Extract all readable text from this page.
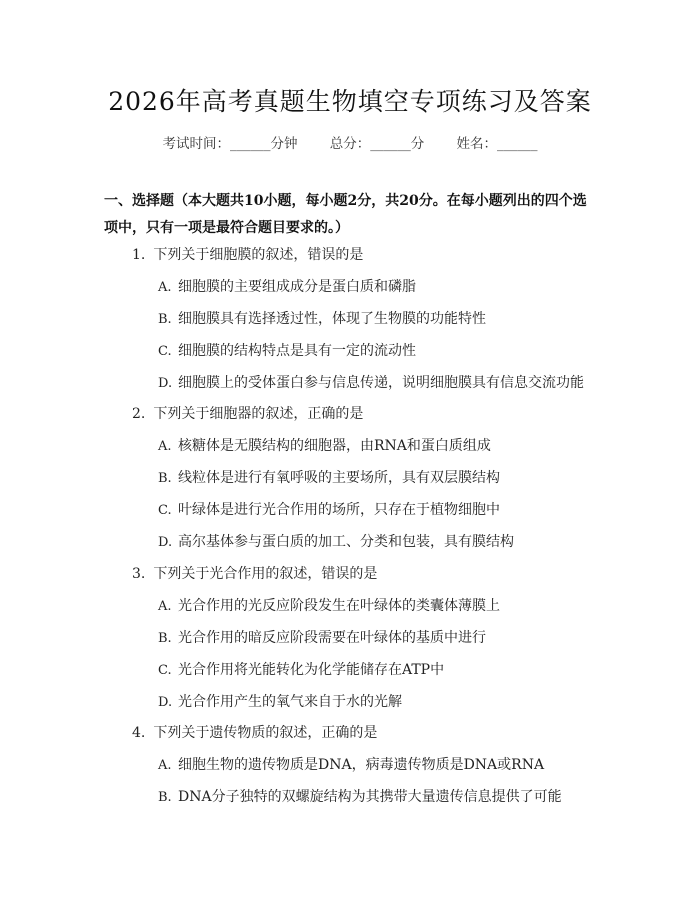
2026年高考真题生物填空专项练习及答案
考试时间：______分钟 总分：______分 姓名：______
一、选择题（本大题共10小题，每小题2分，共20分。在每小题列出的四个选
项中，只有一项是最符合题目要求的。）
1. 下列关于细胞膜的叙述，错误的是
A. 细胞膜的主要组成成分是蛋白质和磷脂
B. 细胞膜具有选择透过性，体现了生物膜的功能特性
C. 细胞膜的结构特点是具有一定的流动性
D. 细胞膜上的受体蛋白参与信息传递，说明细胞膜具有信息交流功能
2. 下列关于细胞器的叙述，正确的是
A. 核糖体是无膜结构的细胞器，由RNA和蛋白质组成
B. 线粒体是进行有氧呼吸的主要场所，具有双层膜结构
C. 叶绿体是进行光合作用的场所，只存在于植物细胞中
D. 高尔基体参与蛋白质的加工、分类和包装，具有膜结构
3. 下列关于光合作用的叙述，错误的是
A. 光合作用的光反应阶段发生在叶绿体的类囊体薄膜上
B. 光合作用的暗反应阶段需要在叶绿体的基质中进行
C. 光合作用将光能转化为化学能储存在ATP中
D. 光合作用产生的氧气来自于水的光解
4. 下列关于遗传物质的叙述，正确的是
A. 细胞生物的遗传物质是DNA，病毒遗传物质是DNA或RNA
B. DNA分子独特的双螺旋结构为其携带大量遗传信息提供了可能
